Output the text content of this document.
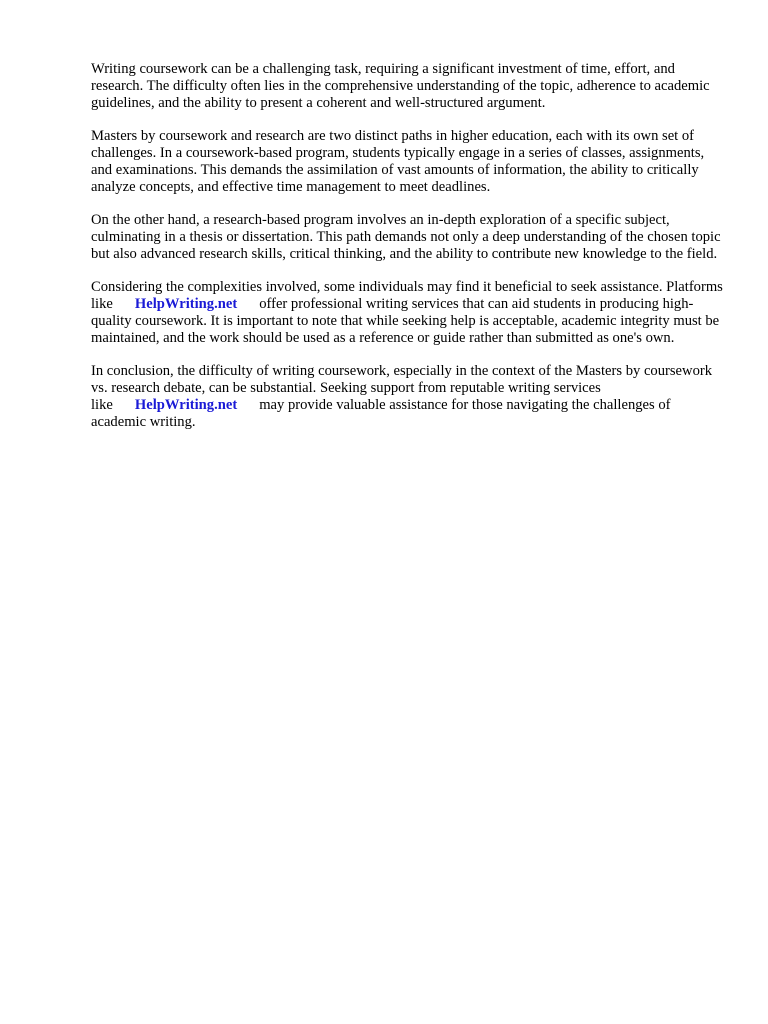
Writing coursework can be a challenging task, requiring a significant investment of time, effort, and research. The difficulty often lies in the comprehensive understanding of the topic, adherence to academic guidelines, and the ability to present a coherent and well-structured argument.

Masters by coursework and research are two distinct paths in higher education, each with its own set of challenges. In a coursework-based program, students typically engage in a series of classes, assignments, and examinations. This demands the assimilation of vast amounts of information, the ability to critically analyze concepts, and effective time management to meet deadlines.

On the other hand, a research-based program involves an in-depth exploration of a specific subject, culminating in a thesis or dissertation. This path demands not only a deep understanding of the chosen topic but also advanced research skills, critical thinking, and the ability to contribute new knowledge to the field.

Considering the complexities involved, some individuals may find it beneficial to seek assistance. Platforms like HelpWriting.net offer professional writing services that can aid students in producing high-quality coursework. It is important to note that while seeking help is acceptable, academic integrity must be maintained, and the work should be used as a reference or guide rather than submitted as one's own.

In conclusion, the difficulty of writing coursework, especially in the context of the Masters by coursework vs. research debate, can be substantial. Seeking support from reputable writing services like HelpWriting.net may provide valuable assistance for those navigating the challenges of academic writing.
